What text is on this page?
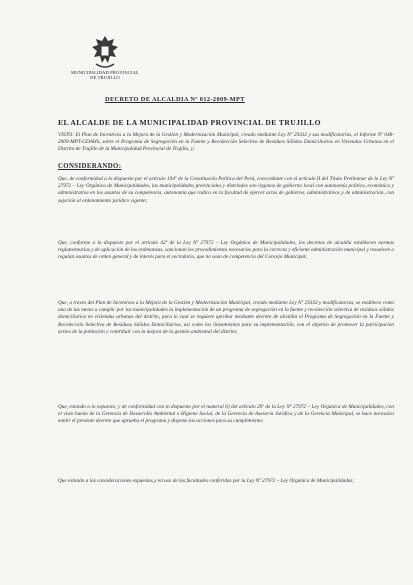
MUNICIPALIDAD PROVINCIAL
DE TRUJILLO
DECRETO DE ALCALDIA Nº 012-2009-MPT
EL ALCALDE DE LA MUNICIPALIDAD PROVINCIAL DE TRUJILLO
VISTO: El Plan de Incentivos a la Mejora de la Gestión y Modernización Municipal, creado mediante Ley Nº 29332 y sus modificatorias, el Informe Nº 048-2009-MPT-GDAHS, sobre el Programa de Segregación en la Fuente y Recolección Selectiva de Residuos Sólidos Domiciliarios en Viviendas Urbanas en el Distrito de Trujillo de la Municipalidad Provincial de Trujillo, y;
CONSIDERANDO:
Que, de conformidad a lo dispuesto por el artículo 194º de la Constitución Política del Perú, concordante con el artículo II del Título Preliminar de la Ley Nº 27972 – Ley Orgánica de Municipalidades, las municipalidades provinciales y distritales son órganos de gobierno local con autonomía política, económica y administrativa en los asuntos de su competencia, autonomía que radica en la facultad de ejercer actos de gobierno, administrativos y de administración, con sujeción al ordenamiento jurídico vigente;
Que, conforme a lo dispuesto por el artículo 42º de la Ley Nº 27972 – Ley Orgánica de Municipalidades, los decretos de alcaldía establecen normas reglamentarias y de aplicación de las ordenanzas, sancionan los procedimientos necesarios para la correcta y eficiente administración municipal y resuelven o regulan asuntos de orden general y de interés para el vecindario, que no sean de competencia del Concejo Municipal;
Que, a través del Plan de Incentivos a la Mejora de la Gestión y Modernización Municipal, creado mediante Ley Nº 29332 y modificatorias, se establece como una de las metas a cumplir por las municipalidades la implementación de un programa de segregación en la fuente y recolección selectiva de residuos sólidos domiciliarios en viviendas urbanas del distrito, para lo cual se requiere aprobar mediante decreto de alcaldía el Programa de Segregación en la Fuente y Recolección Selectiva de Residuos Sólidos Domiciliarios, así como los lineamientos para su implementación, con el objetivo de promover la participación activa de la población y contribuir con la mejora de la gestión ambiental del distrito;
Que, estando a lo expuesto, y de conformidad con lo dispuesto por el numeral 6) del artículo 20º de la Ley Nº 27972 – Ley Orgánica de Municipalidades, con el visto bueno de la Gerencia de Desarrollo Ambiental e Higiene Social, de la Gerencia de Asesoría Jurídica y de la Gerencia Municipal, se hace necesario emitir el presente decreto que aprueba el programa y dispone las acciones para su cumplimiento;
Que estando a las consideraciones expuestas y en uso de las facultades conferidas por la Ley Nº 27972 – Ley Orgánica de Municipalidades;
